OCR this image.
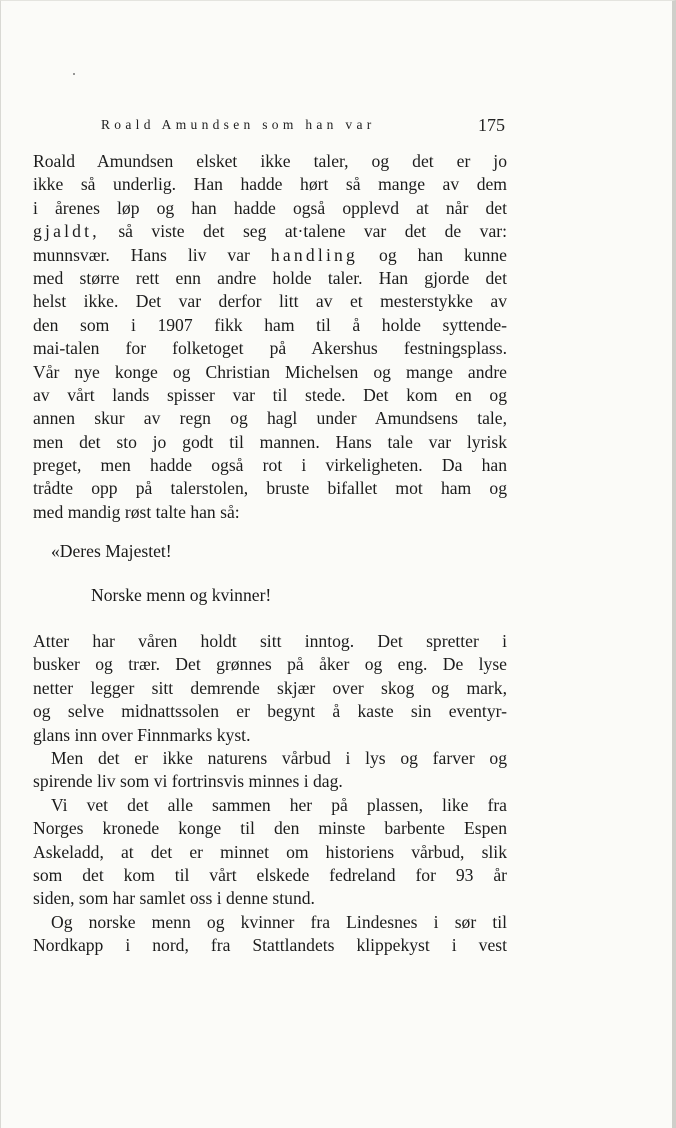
Roald Amundsen som han var	175
Roald Amundsen elsket ikke taler, og det er jo
ikke så underlig. Han hadde hørt så mange av dem
i årenes løp og han hadde også opplevd at når det
gjaldt, så viste det seg at·talene var det de var:
munnsvær. Hans liv var handling og han kunne
med større rett enn andre holde taler. Han gjorde det
helst ikke. Det var derfor litt av et mesterstykke av
den som i 1907 fikk ham til å holde syttende-
mai-talen for folketoget på Akershus festningsplass.
Vår nye konge og Christian Michelsen og mange andre
av vårt lands spisser var til stede. Det kom en og
annen skur av regn og hagl under Amundsens tale,
men det sto jo godt til mannen. Hans tale var lyrisk
preget, men hadde også rot i virkeligheten. Da han
trådte opp på talerstolen, bruste bifallet mot ham og
med mandig røst talte han så:
«Deres Majestet!
Norske menn og kvinner!
Atter har våren holdt sitt inntog. Det spretter i
busker og trær. Det grønnes på åker og eng. De lyse
netter legger sitt demrende skjær over skog og mark,
og selve midnattssolen er begynt å kaste sin eventyr-
glans inn over Finnmarks kyst.
Men det er ikke naturens vårbud i lys og farver og
spirende liv som vi fortrinsvis minnes i dag.
Vi vet det alle sammen her på plassen, like fra
Norges kronede konge til den minste barbente Espen
Askeladd, at det er minnet om historiens vårbud, slik
som det kom til vårt elskede fedreland for 93 år
siden, som har samlet oss i denne stund.
Og norske menn og kvinner fra Lindesnes i sør til
Nordkapp i nord, fra Stattlandets klippekyst i vest
